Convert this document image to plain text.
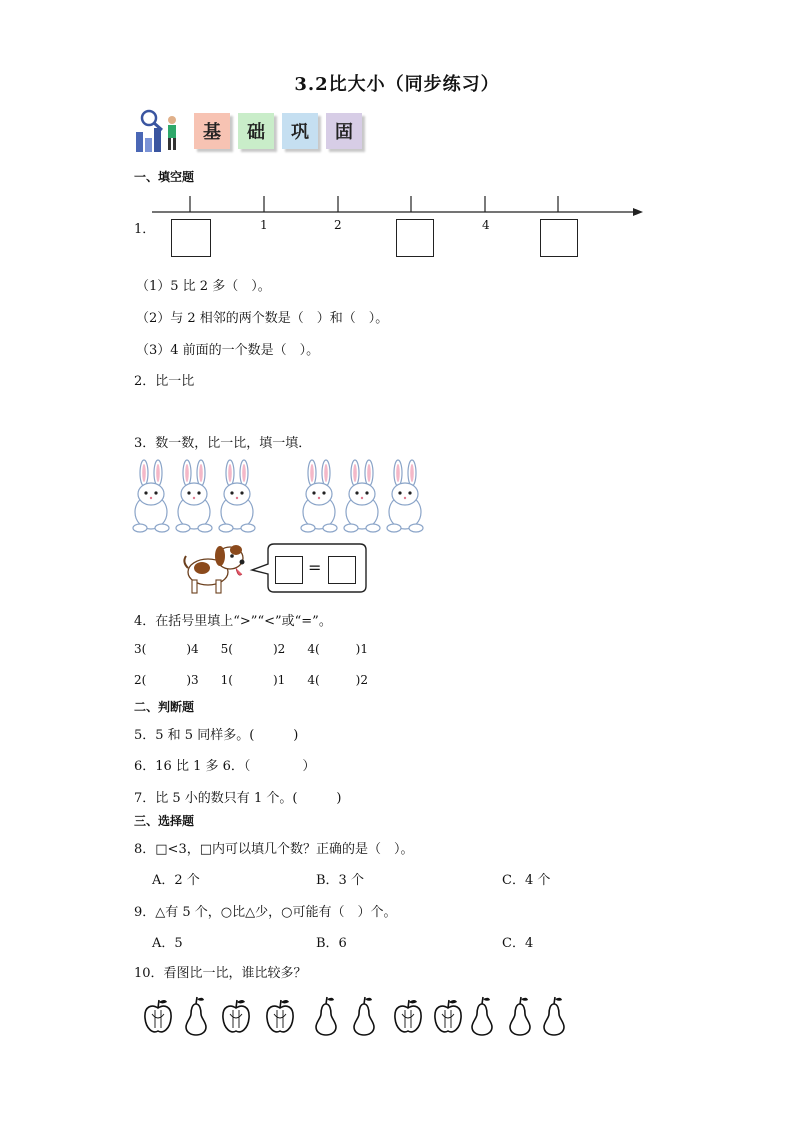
3.2比大小（同步练习）
基	础	巩	固
一、填空题
1．	1	2	4
（1）5 比 2 多（　）。
（2）与 2 相邻的两个数是（　）和（　）。
（3）4 前面的一个数是（　）。
2．比一比
3．数一数，比一比，填一填．
=
4．在括号里填上“>”“<”或“=”。
3(	)4 5(	)2 4(	)1
2(	)3 1(	)1 4(	)2
二、判断题
5．5 和 5 同样多。(　　　)
6．16 比 1 多 6．（　　　　）
7．比 5 小的数只有 1 个。(　　　)
三、选择题
8．□<3，□内可以填几个数？正确的是（　）。
A．2 个	B．3 个	C．4 个
9．△有 5 个，○比△少，○可能有（　）个。
A．5	B．6	C．4
10．看图比一比，谁比较多？
